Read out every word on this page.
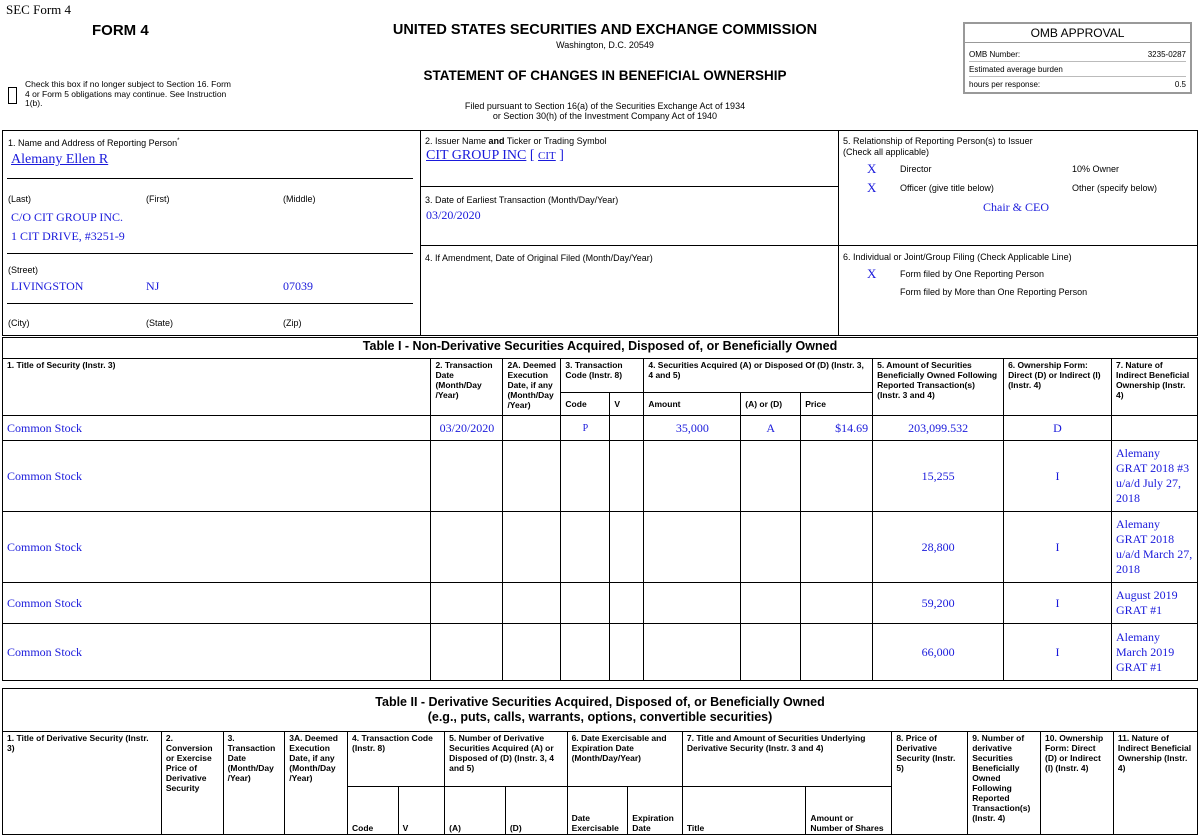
SEC Form 4
FORM 4
Check this box if no longer subject to Section 16. Form 4 or Form 5 obligations may continue. See Instruction 1(b).
UNITED STATES SECURITIES AND EXCHANGE COMMISSION
Washington, D.C. 20549
STATEMENT OF CHANGES IN BENEFICIAL OWNERSHIP
Filed pursuant to Section 16(a) of the Securities Exchange Act of 1934
or Section 30(h) of the Investment Company Act of 1940
OMB APPROVAL
OMB Number:	3235-0287
Estimated average burden
hours per response:	0.5
1. Name and Address of Reporting Person*
Alemany Ellen R
(Last)	(First)	(Middle)
C/O CIT GROUP INC.
1 CIT DRIVE, #3251-9
(Street)
LIVINGSTON	NJ	07039
(City)	(State)	(Zip)
2. Issuer Name and Ticker or Trading Symbol
CIT GROUP INC [ CIT ]
3. Date of Earliest Transaction (Month/Day/Year)
03/20/2020
4. If Amendment, Date of Original Filed (Month/Day/Year)
5. Relationship of Reporting Person(s) to Issuer
(Check all applicable)
X	Director	10% Owner
X	Officer (give title below)	Other (specify below)
Chair & CEO
6. Individual or Joint/Group Filing (Check Applicable Line)
X	Form filed by One Reporting Person
Form filed by More than One Reporting Person
Table I - Non-Derivative Securities Acquired, Disposed of, or Beneficially Owned										
1. Title of Security (Instr. 3)	2. Transaction Date (Month/Day /Year)	2A. Deemed Execution Date, if any (Month/Day /Year)	3. Transaction Code (Instr. 8)		4. Securities Acquired (A) or Disposed Of (D) (Instr. 3, 4 and 5)			5. Amount of Securities Beneficially Owned Following Reported Transaction(s) (Instr. 3 and 4)	6. Ownership Form: Direct (D) or Indirect (I) (Instr. 4)	7. Nature of Indirect Beneficial Ownership (Instr. 4)
			Code	V	Amount	(A) or (D)	Price			
Common Stock	03/20/2020		P		35,000	A	$14.69	203,099.532	D	
Common Stock								15,255	I	Alemany GRAT 2018 #3 u/a/d July 27, 2018
Common Stock								28,800	I	Alemany GRAT 2018 u/a/d March 27, 2018
Common Stock								59,200	I	August 2019 GRAT #1
Common Stock								66,000	I	Alemany March 2019 GRAT #1
Table II - Derivative Securities Acquired, Disposed of, or Beneficially Owned
(e.g., puts, calls, warrants, options, convertible securities)															

1. Title of Derivative Security (Instr. 3)	2. Conversion or Exercise Price of Derivative Security	3. Transaction Date (Month/Day /Year)	3A. Deemed Execution Date, if any (Month/Day /Year)	4. Transaction Code (Instr. 8)		5. Number of Derivative Securities Acquired (A) or Disposed of (D) (Instr. 3, 4 and 5)		6. Date Exercisable and Expiration Date (Month/Day/Year)		7. Title and Amount of Securities Underlying Derivative Security (Instr. 3 and 4)		8. Price of Derivative Security (Instr. 5)	9. Number of derivative Securities Beneficially Owned Following Reported Transaction(s) (Instr. 4)	10. Ownership Form: Direct (D) or Indirect (I) (Instr. 4)	11. Nature of Indirect Beneficial Ownership (Instr. 4)
				Code	V	(A)	(D)	Date Exercisable	Expiration Date	Title	Amount or Number of Shares				
